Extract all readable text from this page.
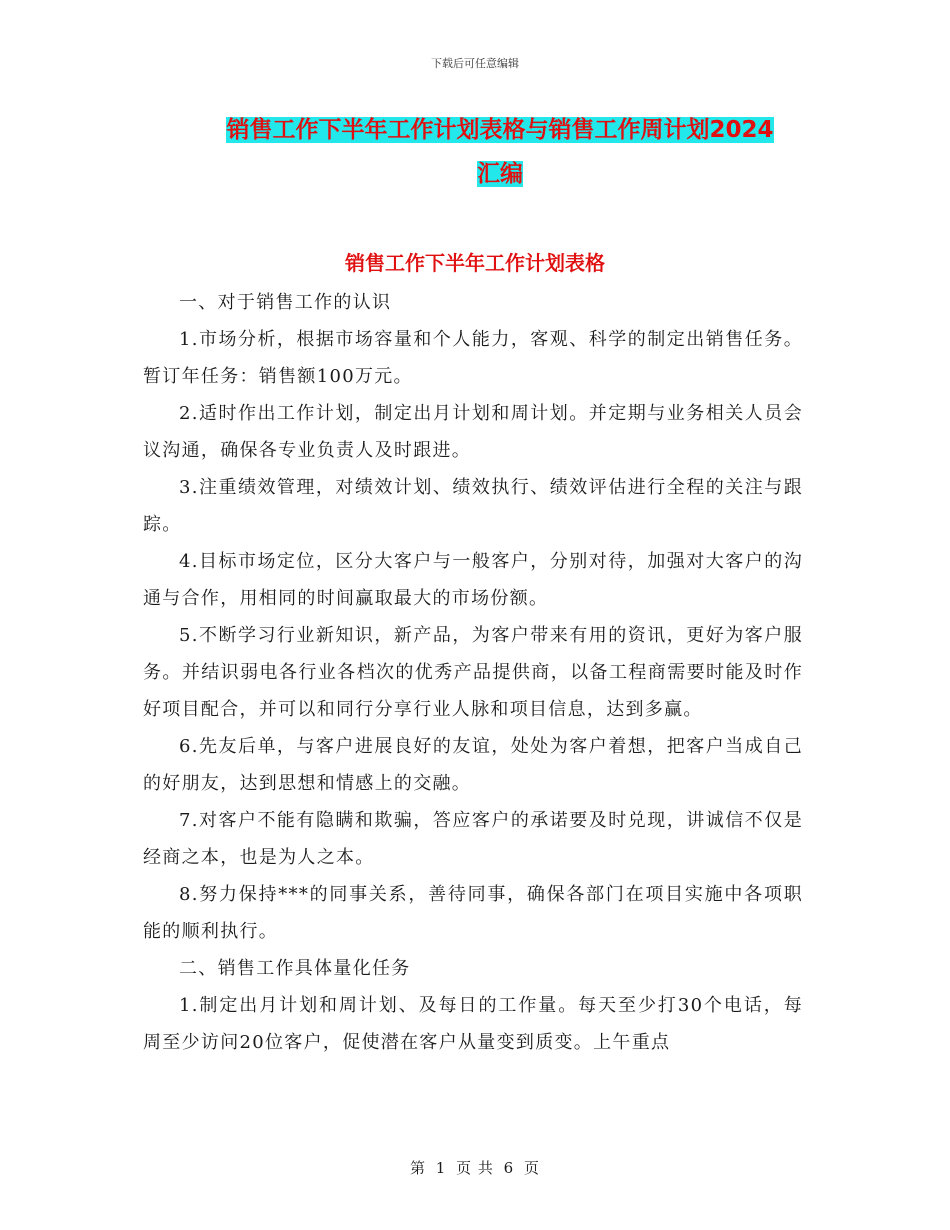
下载后可任意编辑
销售工作下半年工作计划表格与销售工作周计划2024
汇编
销售工作下半年工作计划表格

一、对于销售工作的认识

1.市场分析，根据市场容量和个人能力，客观、科学的制定出销售任务。暂订年任务：销售额100万元。

2.适时作出工作计划，制定出月计划和周计划。并定期与业务相关人员会议沟通，确保各专业负责人及时跟进。

3.注重绩效管理，对绩效计划、绩效执行、绩效评估进行全程的关注与跟踪。

4.目标市场定位，区分大客户与一般客户，分别对待，加强对大客户的沟通与合作，用相同的时间赢取最大的市场份额。

5.不断学习行业新知识，新产品，为客户带来有用的资讯，更好为客户服务。并结识弱电各行业各档次的优秀产品提供商，以备工程商需要时能及时作好项目配合，并可以和同行分享行业人脉和项目信息，达到多赢。

6.先友后单，与客户进展良好的友谊，处处为客户着想，把客户当成自己的好朋友，达到思想和情感上的交融。

7.对客户不能有隐瞒和欺骗，答应客户的承诺要及时兑现，讲诚信不仅是经商之本，也是为人之本。

8.努力保持***的同事关系，善待同事，确保各部门在项目实施中各项职能的顺利执行。

二、销售工作具体量化任务

1.制定出月计划和周计划、及每日的工作量。每天至少打30个电话，每周至少访问20位客户，促使潜在客户从量变到质变。上午重点

第 1 页 共 6 页
